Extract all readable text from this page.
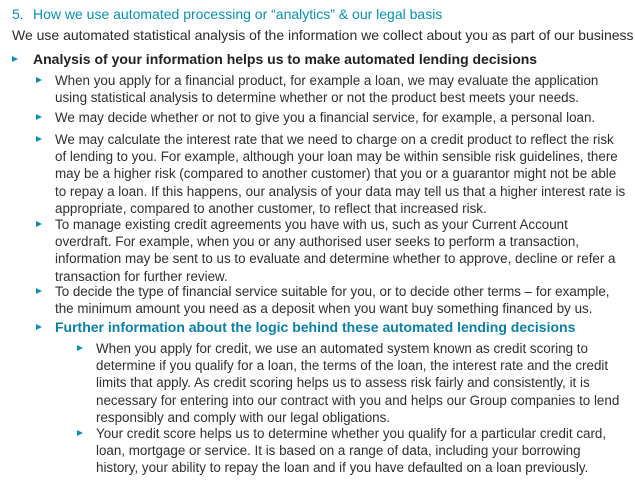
5. How we use automated processing or “analytics” & our legal basis
We use automated statistical analysis of the information we collect about you as part of our business
Analysis of your information helps us to make automated lending decisions
When you apply for a financial product, for example a loan, we may evaluate the application using statistical analysis to determine whether or not the product best meets your needs.
We may decide whether or not to give you a financial service, for example, a personal loan.
We may calculate the interest rate that we need to charge on a credit product to reflect the risk of lending to you. For example, although your loan may be within sensible risk guidelines, there may be a higher risk (compared to another customer) that you or a guarantor might not be able to repay a loan. If this happens, our analysis of your data may tell us that a higher interest rate is appropriate, compared to another customer, to reflect that increased risk.
To manage existing credit agreements you have with us, such as your Current Account overdraft. For example, when you or any authorised user seeks to perform a transaction, information may be sent to us to evaluate and determine whether to approve, decline or refer a transaction for further review.
To decide the type of financial service suitable for you, or to decide other terms – for example, the minimum amount you need as a deposit when you want buy something financed by us.
Further information about the logic behind these automated lending decisions
When you apply for credit, we use an automated system known as credit scoring to determine if you qualify for a loan, the terms of the loan, the interest rate and the credit limits that apply. As credit scoring helps us to assess risk fairly and consistently, it is necessary for entering into our contract with you and helps our Group companies to lend responsibly and comply with our legal obligations.
Your credit score helps us to determine whether you qualify for a particular credit card, loan, mortgage or service. It is based on a range of data, including your borrowing history, your ability to repay the loan and if you have defaulted on a loan previously.
